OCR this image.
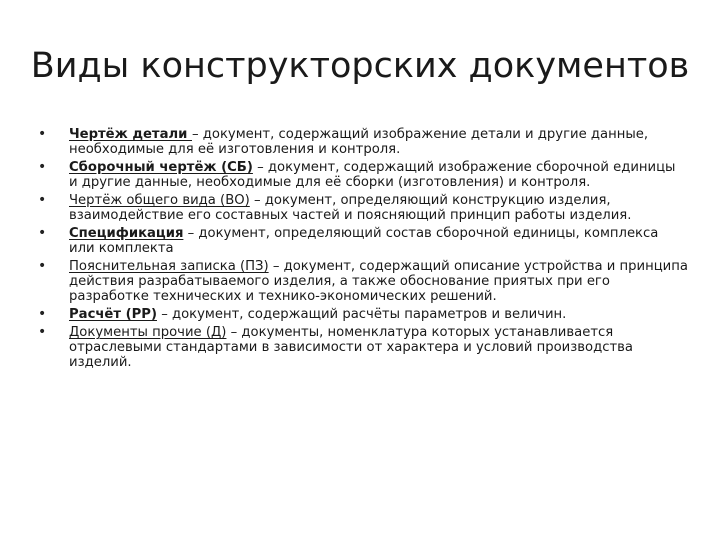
Виды конструкторских документов
• Чертёж детали – документ, содержащий изображение детали и другие данные, необходимые для её изготовления и контроля.
• Сборочный чертёж (СБ) – документ, содержащий изображение сборочной единицы и другие данные, необходимые для её сборки (изготовления) и контроля.
• Чертёж общего вида (ВО) – документ, определяющий конструкцию изделия, взаимодействие его составных частей и поясняющий принцип работы изделия.
• Спецификация – документ, определяющий состав сборочной единицы, комплекса или комплекта
• Пояснительная записка (ПЗ) – документ, содержащий описание устройства и принципа действия разрабатываемого изделия, а также обоснование приятых при его разработке технических и технико-экономических решений.
• Расчёт (РР) – документ, содержащий расчёты параметров и величин.
• Документы прочие (Д) – документы, номенклатура которых устанавливается отраслевыми стандартами в зависимости от характера и условий производства изделий.
